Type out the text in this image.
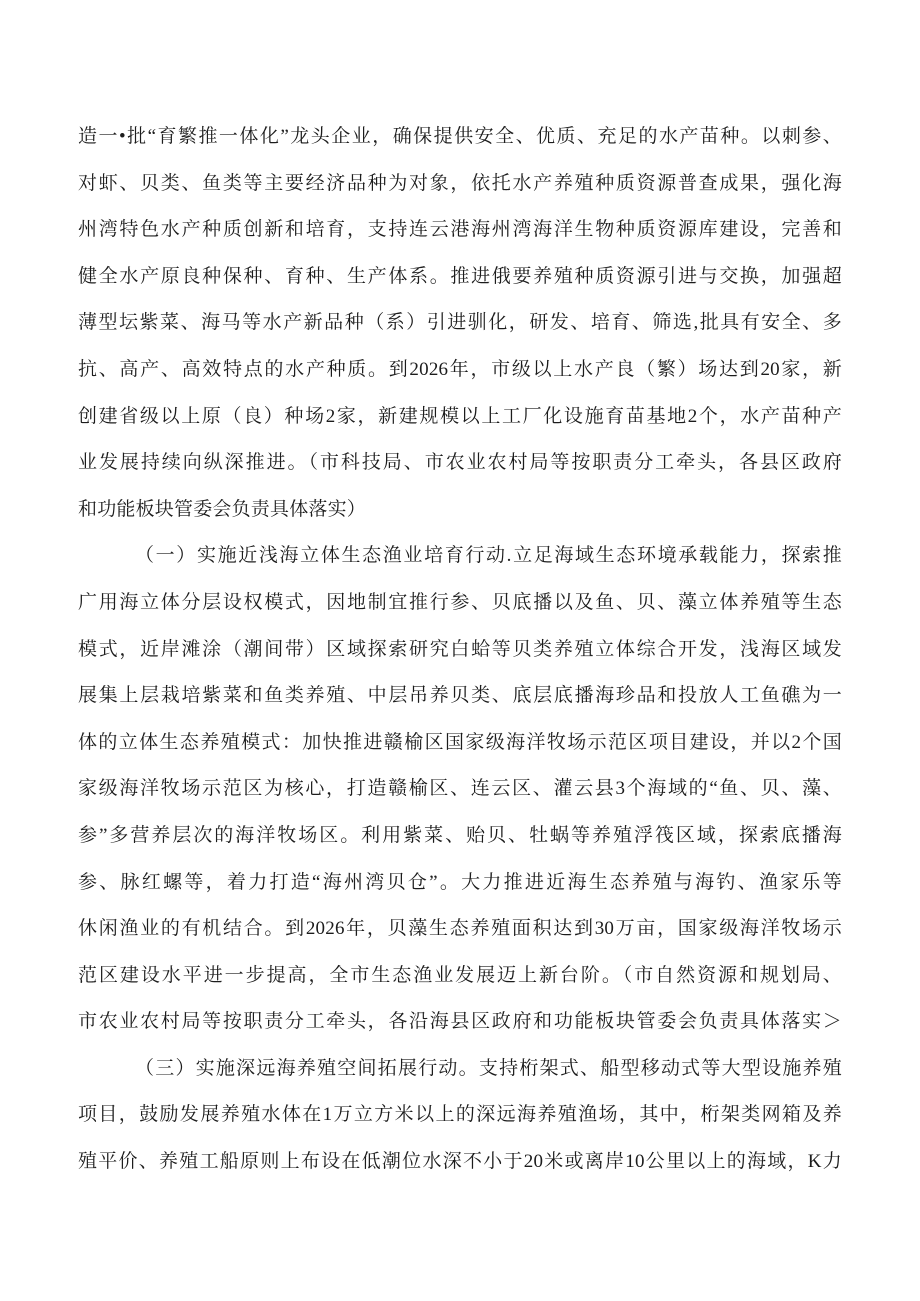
造一•批“育繁推一体化”龙头企业，确保提供安全、优质、充足的水产苗种。以刺参、
对虾、贝类、鱼类等主要经济品种为对象，依托水产养殖种质资源普查成果，强化海
州湾特色水产种质创新和培育，支持连云港海州湾海洋生物种质资源库建设，完善和
健全水产原良种保种、育种、生产体系。推进俄要养殖种质资源引进与交换，加强超
薄型坛紫菜、海马等水产新品种（系）引进驯化，研发、培育、筛选,批具有安全、多
抗、高产、高效特点的水产种质。到2026年，市级以上水产良（繁）场达到20家，新
创建省级以上原（良）种场2家，新建规模以上工厂化设施育苗基地2个，水产苗种产
业发展持续向纵深推进。（市科技局、市农业农村局等按职责分工牵头，各县区政府
和功能板块管委会负责具体落实）
（一）实施近浅海立体生态渔业培育行动.立足海域生态环境承载能力，探索推
广用海立体分层设权模式，因地制宜推行参、贝底播以及鱼、贝、藻立体养殖等生态
模式，近岸滩涂（潮间带）区域探索研究白蛤等贝类养殖立体综合开发，浅海区域发
展集上层栽培紫菜和鱼类养殖、中层吊养贝类、底层底播海珍品和投放人工鱼礁为一
体的立体生态养殖模式：加快推进赣榆区国家级海洋牧场示范区项目建设，并以2个国
家级海洋牧场示范区为核心，打造赣榆区、连云区、灌云县3个海域的“鱼、贝、藻、
参”多营养层次的海洋牧场区。利用紫菜、贻贝、牡蜗等养殖浮筏区域，探索底播海
参、脉红螺等，着力打造“海州湾贝仓”。大力推进近海生态养殖与海钓、渔家乐等
休闲渔业的有机结合。到2026年，贝藻生态养殖面积达到30万亩，国家级海洋牧场示
范区建设水平进一步提高，全市生态渔业发展迈上新台阶。（市自然资源和规划局、
市农业农村局等按职责分工牵头，各沿海县区政府和功能板块管委会负责具体落实＞
（三）实施深远海养殖空间拓展行动。支持桁架式、船型移动式等大型设施养殖
项目，鼓励发展养殖水体在1万立方米以上的深远海养殖渔场，其中，桁架类网箱及养
殖平价、养殖工船原则上布设在低潮位水深不小于20米或离岸10公里以上的海域，K力
